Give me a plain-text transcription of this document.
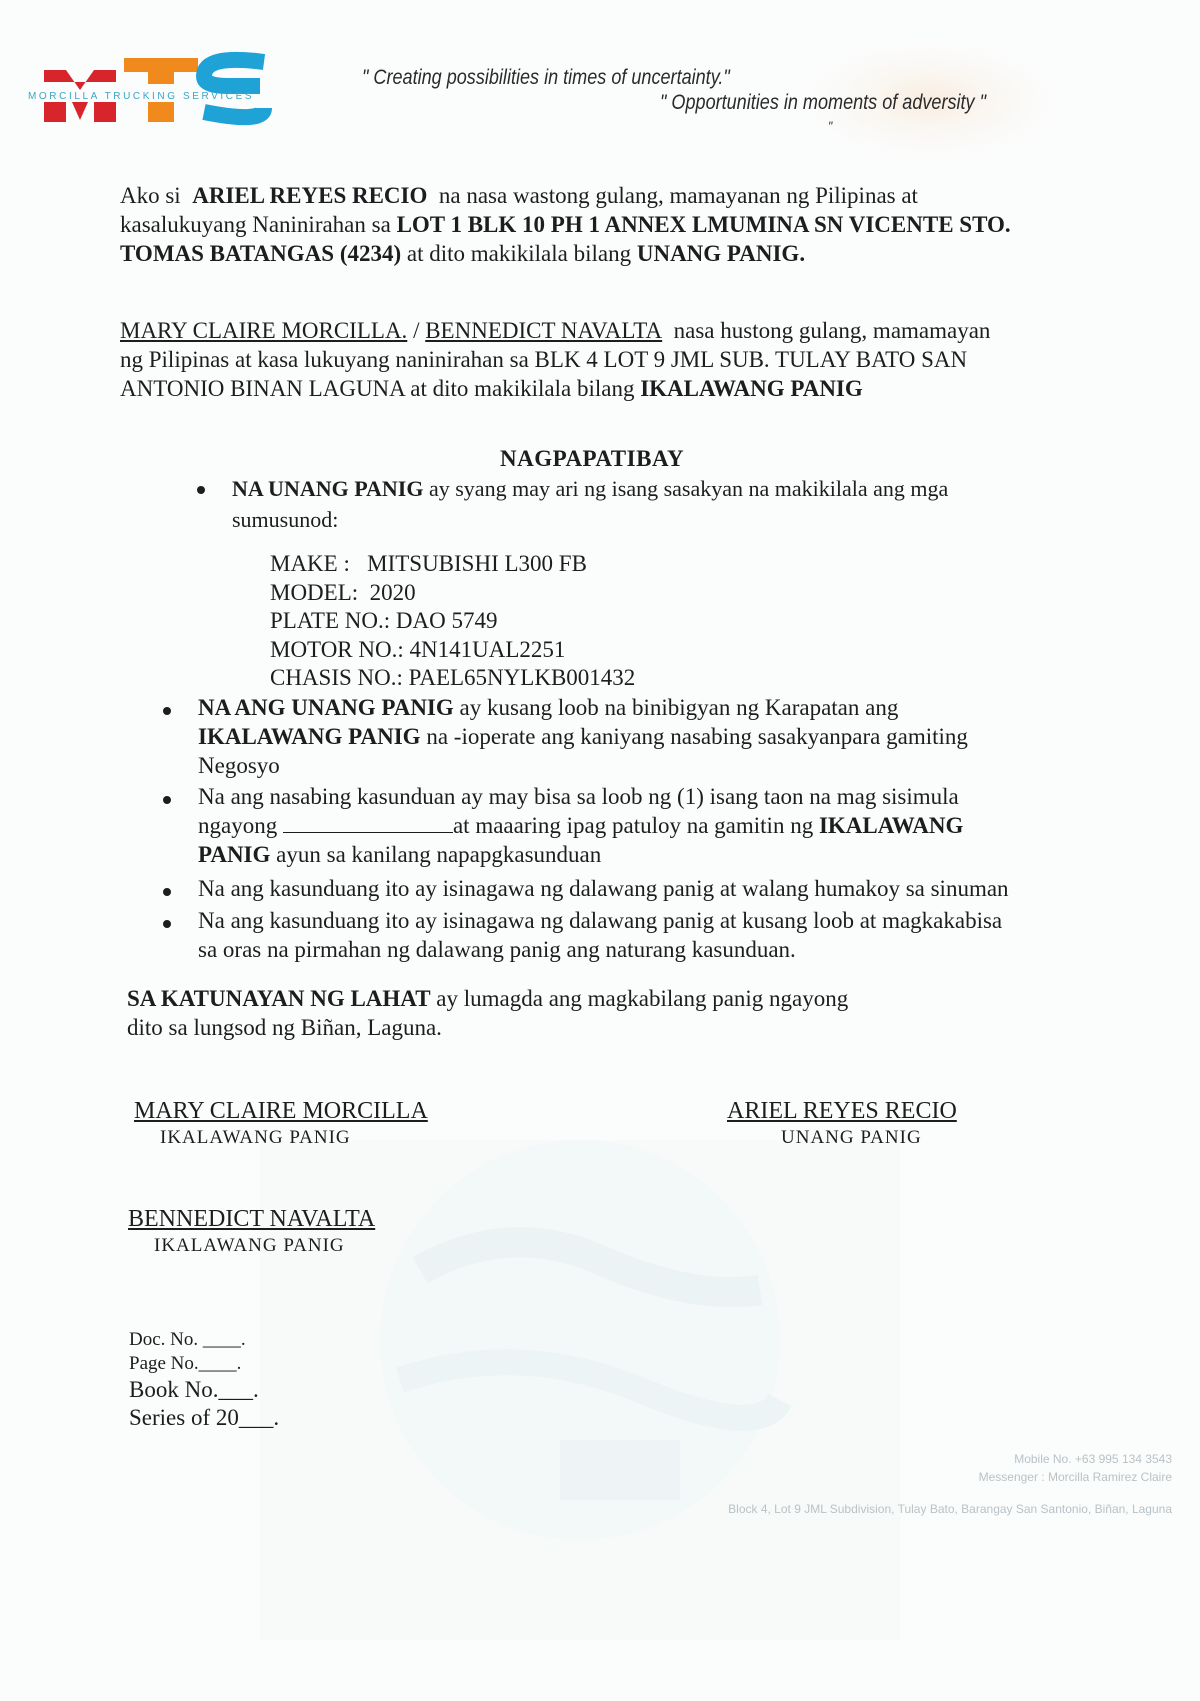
MORCILLA TRUCKING SERVICES
" Creating possibilities in times of uncertainty."
" Opportunities in moments of adversity "
"
Ako si ARIEL REYES RECIO na nasa wastong gulang, mamayanan ng Pilipinas at
kasalukuyang Naninirahan sa LOT 1 BLK 10 PH 1 ANNEX LMUMINA SN VICENTE STO.
TOMAS BATANGAS (4234) at dito makikilala bilang UNANG PANIG.
MARY CLAIRE MORCILLA. / BENNEDICT NAVALTA nasa hustong gulang, mamamayan
ng Pilipinas at kasa lukuyang naninirahan sa BLK 4 LOT 9 JML SUB. TULAY BATO SAN
ANTONIO BINAN LAGUNA at dito makikilala bilang IKALAWANG PANIG
NAGPAPATIBAY
NA UNANG PANIG ay syang may ari ng isang sasakyan na makikilala ang mga
sumusunod:
MAKE : MITSUBISHI L300 FB
MODEL: 2020
PLATE NO.: DAO 5749
MOTOR NO.: 4N141UAL2251
CHASIS NO.: PAEL65NYLKB001432
NA ANG UNANG PANIG ay kusang loob na binibigyan ng Karapatan ang
IKALAWANG PANIG na -ioperate ang kaniyang nasabing sasakyanpara gamiting
Negosyo
Na ang nasabing kasunduan ay may bisa sa loob ng (1) isang taon na mag sisimula
ngayong	at maaaring ipag patuloy na gamitin ng IKALAWANG
PANIG ayun sa kanilang napapgkasunduan
Na ang kasunduang ito ay isinagawa ng dalawang panig at walang humakoy sa sinuman
Na ang kasunduang ito ay isinagawa ng dalawang panig at kusang loob at magkakabisa
sa oras na pirmahan ng dalawang panig ang naturang kasunduan.
SA KATUNAYAN NG LAHAT ay lumagda ang magkabilang panig ngayong
dito sa lungsod ng Biñan, Laguna.
MARY CLAIRE MORCILLA
IKALAWANG PANIG
ARIEL REYES RECIO
UNANG PANIG
BENNEDICT NAVALTA
IKALAWANG PANIG
Doc. No. ____.
Page No.____.
Book No.___.
Series of 20___.
Mobile No. +63 995 134 3543
Messenger : Morcilla Ramirez Claire
Block 4, Lot 9 JML Subdivision, Tulay Bato, Barangay San Santonio, Biñan, Laguna
